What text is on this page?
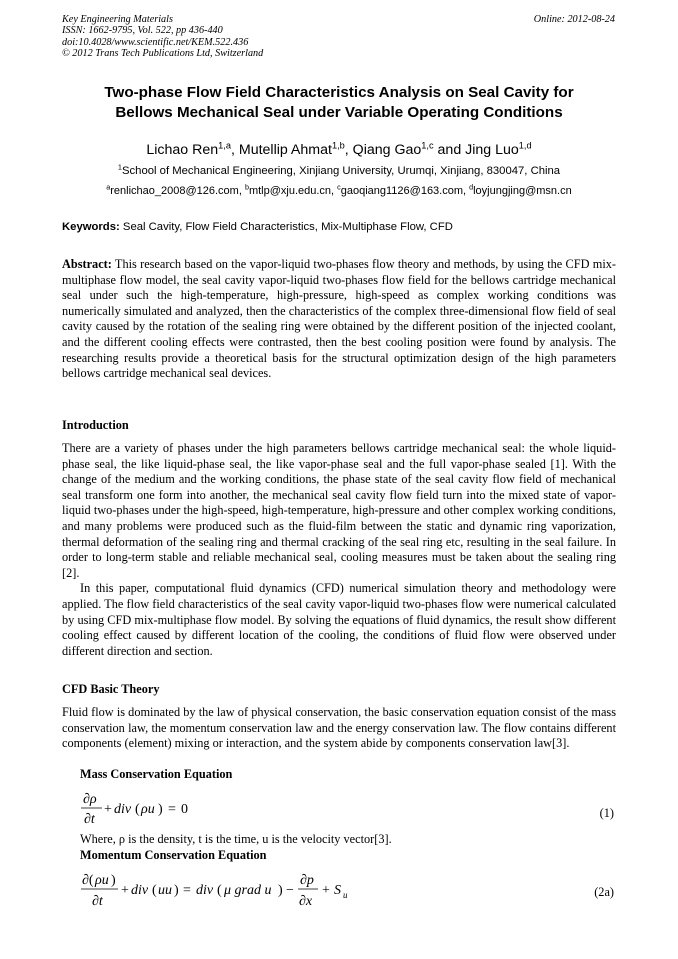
Key Engineering Materials
ISSN: 1662-9795, Vol. 522, pp 436-440
doi:10.4028/www.scientific.net/KEM.522.436
© 2012 Trans Tech Publications Ltd, Switzerland
Online: 2012-08-24
Two-phase Flow Field Characteristics Analysis on Seal Cavity for
Bellows Mechanical Seal under Variable Operating Conditions
Lichao Ren$^{1,a}$, Mutellip Ahmat$^{1,b}$, Qiang Gao$^{1,c}$ and Jing Luo$^{1,d}$
$^1$School of Mechanical Engineering, Xinjiang University, Urumqi, Xinjiang, 830047, China
$^a$renlichao_2008@126.com, $^b$mtlp@xju.edu.cn, $^c$gaoqiang1126@163.com, $^d$loyjungjing@msn.cn
Keywords: Seal Cavity, Flow Field Characteristics, Mix-Multiphase Flow, CFD
Abstract: This research based on the vapor-liquid two-phases flow theory and methods, by using the CFD mix-multiphase flow model, the seal cavity vapor-liquid two-phases flow field for the bellows cartridge mechanical seal under such the high-temperature, high-pressure, high-speed as complex working conditions was numerically simulated and analyzed, then the characteristics of the complex three-dimensional flow field of seal cavity caused by the rotation of the sealing ring were obtained by the different position of the injected coolant, and the different cooling effects were contrasted, then the best cooling position were found by analysis. The researching results provide a theoretical basis for the structural optimization design of the high parameters bellows cartridge mechanical seal devices.
Introduction
There are a variety of phases under the high parameters bellows cartridge mechanical seal: the whole liquid-phase seal, the like liquid-phase seal, the like vapor-phase seal and the full vapor-phase sealed [1]. With the change of the medium and the working conditions, the phase state of the seal cavity flow field of mechanical seal transform one form into another, the mechanical seal cavity flow field turn into the mixed state of vapor-liquid two-phases under the high-speed, high-temperature, high-pressure and other complex working conditions, and many problems were produced such as the fluid-film between the static and dynamic ring vaporization, thermal deformation of the sealing ring and thermal cracking of the seal ring etc, resulting in the seal failure. In order to long-term stable and reliable mechanical seal, cooling measures must be taken about the sealing ring [2].
In this paper, computational fluid dynamics (CFD) numerical simulation theory and methodology were applied. The flow field characteristics of the seal cavity vapor-liquid two-phases flow were numerical calculated by using CFD mix-multiphase flow model. By solving the equations of fluid dynamics, the result show different cooling effect caused by different location of the cooling, the conditions of fluid flow were observed under different direction and section.
CFD Basic Theory
Fluid flow is dominated by the law of physical conservation, the basic conservation equation consist of the mass conservation law, the momentum conservation law and the energy conservation law. The flow contains different components (element) mixing or interaction, and the system abide by components conservation law[3].
Mass Conservation Equation
∂ρ
∂t
+ div ( ρu ) = 0	(1)
Where, ρ is the density, t is the time, u is the velocity vector[3].
Momentum Conservation Equation
∂( ρu )
∂t
+ div ( uu ) = div ( μ grad u ) −
∂p
∂x
+ S u	(2a)
